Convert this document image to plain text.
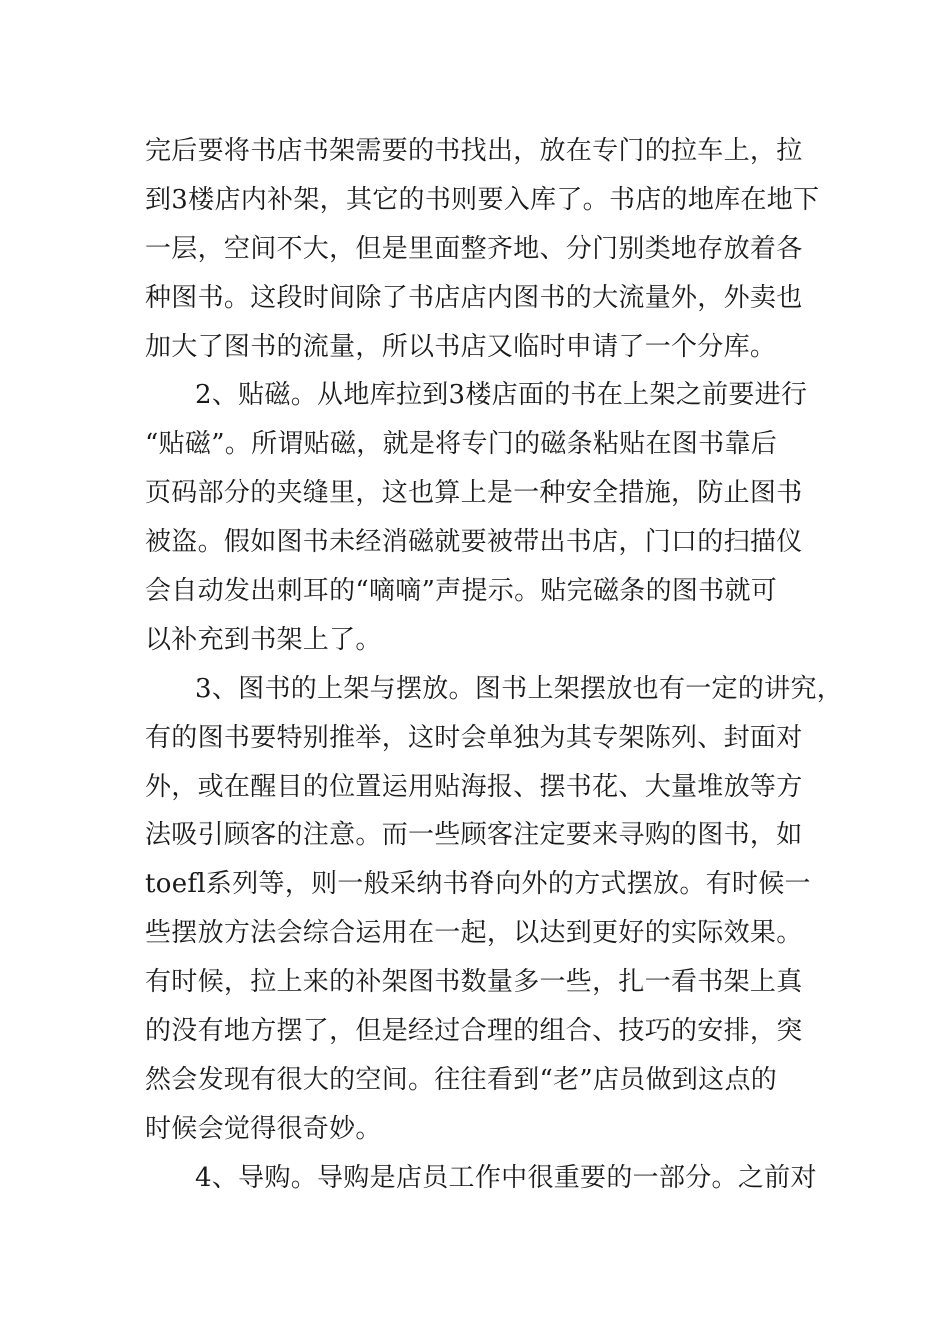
完后要将书店书架需要的书找出，放在专门的拉车上，拉
到3楼店内补架，其它的书则要入库了。书店的地库在地下
一层，空间不大，但是里面整齐地、分门别类地存放着各
种图书。这段时间除了书店店内图书的大流量外，外卖也
加大了图书的流量，所以书店又临时申请了一个分库。
2、贴磁。从地库拉到3楼店面的书在上架之前要进行
“贴磁”。所谓贴磁，就是将专门的磁条粘贴在图书靠后
页码部分的夹缝里，这也算上是一种安全措施，防止图书
被盗。假如图书未经消磁就要被带出书店，门口的扫描仪
会自动发出刺耳的“嘀嘀”声提示。贴完磁条的图书就可
以补充到书架上了。
3、图书的上架与摆放。图书上架摆放也有一定的讲究，
有的图书要特别推举，这时会单独为其专架陈列、封面对
外，或在醒目的位置运用贴海报、摆书花、大量堆放等方
法吸引顾客的注意。而一些顾客注定要来寻购的图书，如
toefl系列等，则一般采纳书脊向外的方式摆放。有时候一
些摆放方法会综合运用在一起，以达到更好的实际效果。
有时候，拉上来的补架图书数量多一些，扎一看书架上真
的没有地方摆了，但是经过合理的组合、技巧的安排，突
然会发现有很大的空间。往往看到“老”店员做到这点的
时候会觉得很奇妙。
4、导购。导购是店员工作中很重要的一部分。之前对
